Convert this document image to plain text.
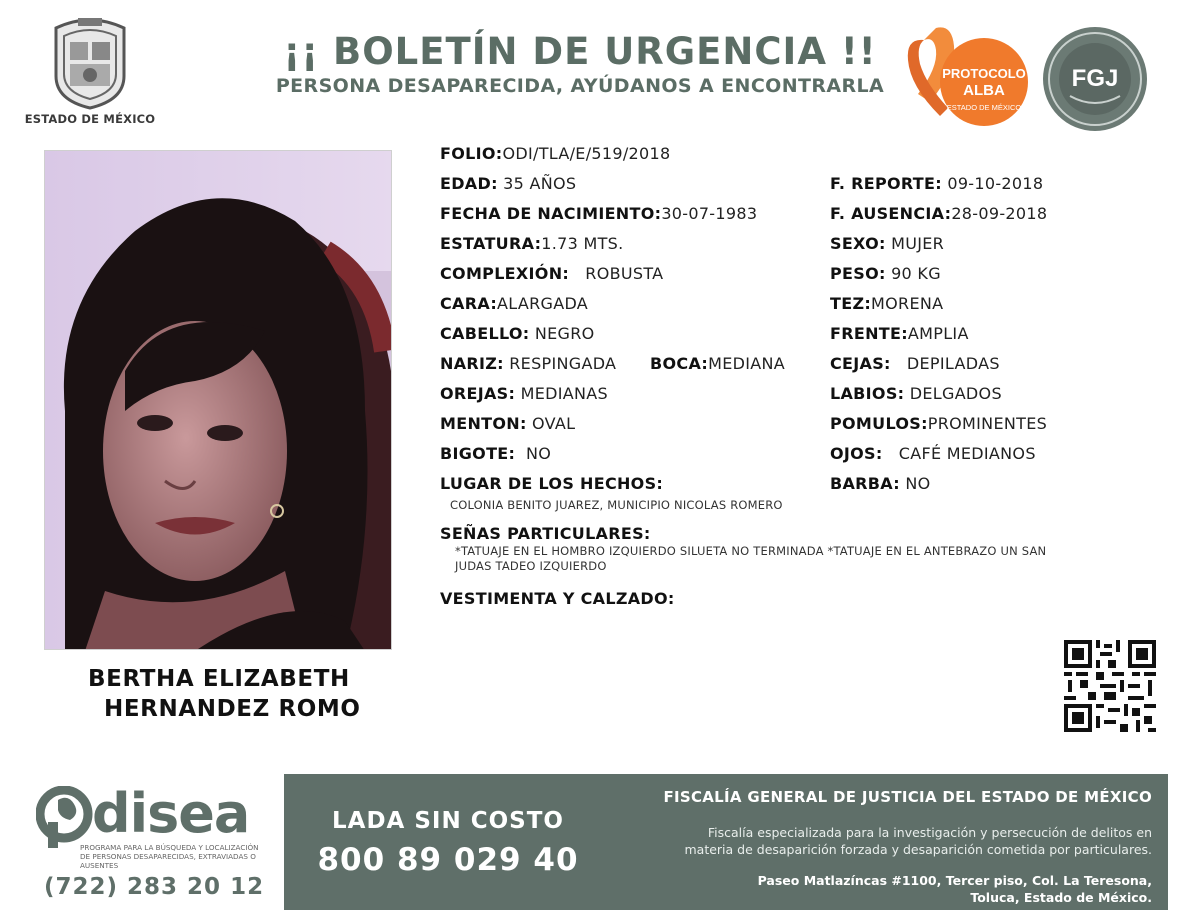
ESTADO DE MÉXICO
¡¡ BOLETÍN DE URGENCIA !!
PERSONA DESAPARECIDA, AYÚDANOS A ENCONTRARLA
PROTOCOLO
ALBA
ESTADO DE MÉXICO
FGJ
BERTHA ELIZABETH
HERNANDEZ ROMO
FOLIO:ODI/TLA/E/519/2018
EDAD: 35 AÑOS	F. REPORTE: 09-10-2018
FECHA DE NACIMIENTO:30-07-1983	F. AUSENCIA:28-09-2018
ESTATURA:1.73 MTS.	SEXO: MUJER
COMPLEXIÓN: ROBUSTA	PESO: 90 KG
CARA:ALARGADA	TEZ:MORENA
CABELLO: NEGRO	FRENTE:AMPLIA
NARIZ: RESPINGADA BOCA:MEDIANA	CEJAS: DEPILADAS
OREJAS: MEDIANAS	LABIOS: DELGADOS
MENTON: OVAL	POMULOS:PROMINENTES
BIGOTE: NO	OJOS: CAFÉ MEDIANOS
LUGAR DE LOS HECHOS:	BARBA: NO
COLONIA BENITO JUAREZ, MUNICIPIO NICOLAS ROMERO
SEÑAS PARTICULARES:
*TATUAJE EN EL HOMBRO IZQUIERDO SILUETA NO TERMINADA *TATUAJE EN EL ANTEBRAZO UN SAN
JUDAS TADEO IZQUIERDO
VESTIMENTA Y CALZADO:
disea
PROGRAMA PARA LA BÚSQUEDA Y LOCALIZACIÓN DE PERSONAS DESAPARECIDAS, EXTRAVIADAS O AUSENTES
(722) 283 20 12
LADA SIN COSTO
800 89 029 40
FISCALÍA GENERAL DE JUSTICIA DEL ESTADO DE MÉXICO
Fiscalía especializada para la investigación y persecución de delitos en
materia de desaparición forzada y desaparición cometida por particulares.
Paseo Matlazíncas #1100, Tercer piso, Col. La Teresona,
Toluca, Estado de México.
